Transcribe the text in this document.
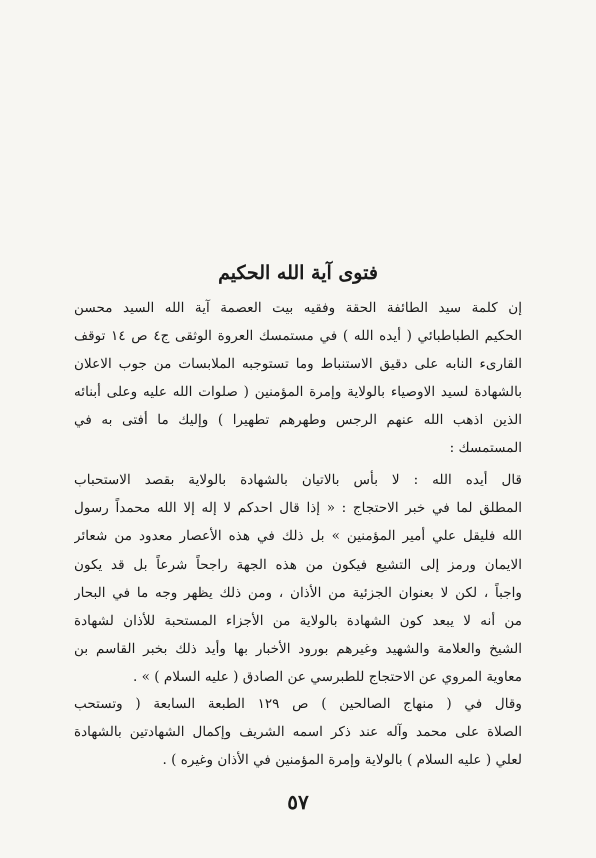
فتوى آية الله الحكيم
إن كلمة سيد الطائفة الحقة وفقيه بيت العصمة آية الله السيد محسن
الحكيم الطباطبائي ( أيده الله ) في مستمسك العروة الوثقى ج٤ ص ١٤ توقف
القارىء النابه على دقيق الاستنباط وما تستوجبه الملابسات من جوب الاعلان
بالشهادة لسيد الاوصياء بالولاية وإمرة المؤمنين ( صلوات الله عليه وعلى أبنائه
الذين اذهب الله عنهم الرجس وطهرهم تطهيرا ) وإليك ما أفتى به في
المستمسك :
قال أيده الله : لا بأس بالاتيان بالشهادة بالولاية بقصد الاستحباب
المطلق لما في خبر الاحتجاج : « إذا قال احدكم لا إله إلا الله محمداً رسول
الله فليقل علي أمير المؤمنين » بل ذلك في هذه الأعصار معدود من شعائر
الايمان ورمز إلى التشيع فيكون من هذه الجهة راجحاً شرعاً بل قد يكون
واجباً ، لكن لا بعنوان الجزئية من الأذان ، ومن ذلك يظهر وجه ما في البحار
من أنه لا يبعد كون الشهادة بالولاية من الأجزاء المستحبة للأذان لشهادة
الشيخ والعلامة والشهيد وغيرهم بورود الأخبار بها وأيد ذلك بخبر القاسم بن
معاوية المروي عن الاحتجاج للطبرسي عن الصادق ( عليه السلام ) » .
وقال في ( منهاج الصالحين ) ص ١٢٩ الطبعة السابعة ( وتستحب
الصلاة على محمد وآله عند ذكر اسمه الشريف وإكمال الشهادتين بالشهادة
لعلي ( عليه السلام ) بالولاية وإمرة المؤمنين في الأذان وغيره ) .
٥٧
